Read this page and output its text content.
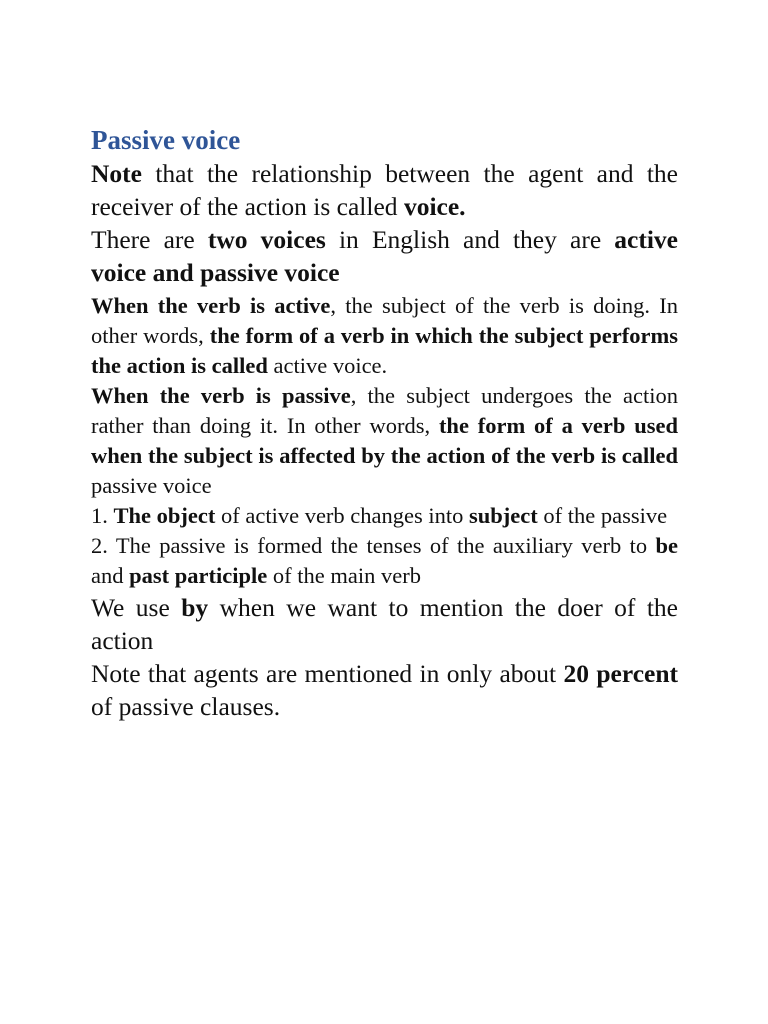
Passive voice

Note that the relationship between the agent and the receiver of the action is called voice.

There are two voices in English and they are active voice and passive voice

When the verb is active, the subject of the verb is doing. In other words, the form of a verb in which the subject performs the action is called active voice.

When the verb is passive, the subject undergoes the action rather than doing it. In other words, the form of a verb used when the subject is affected by the action of the verb is called passive voice

1. The object of active verb changes into subject of the passive

2. The passive is formed the tenses of the auxiliary verb to be and past participle of the main verb

We use by when we want to mention the doer of the action

Note that agents are mentioned in only about 20 percent of passive clauses.
